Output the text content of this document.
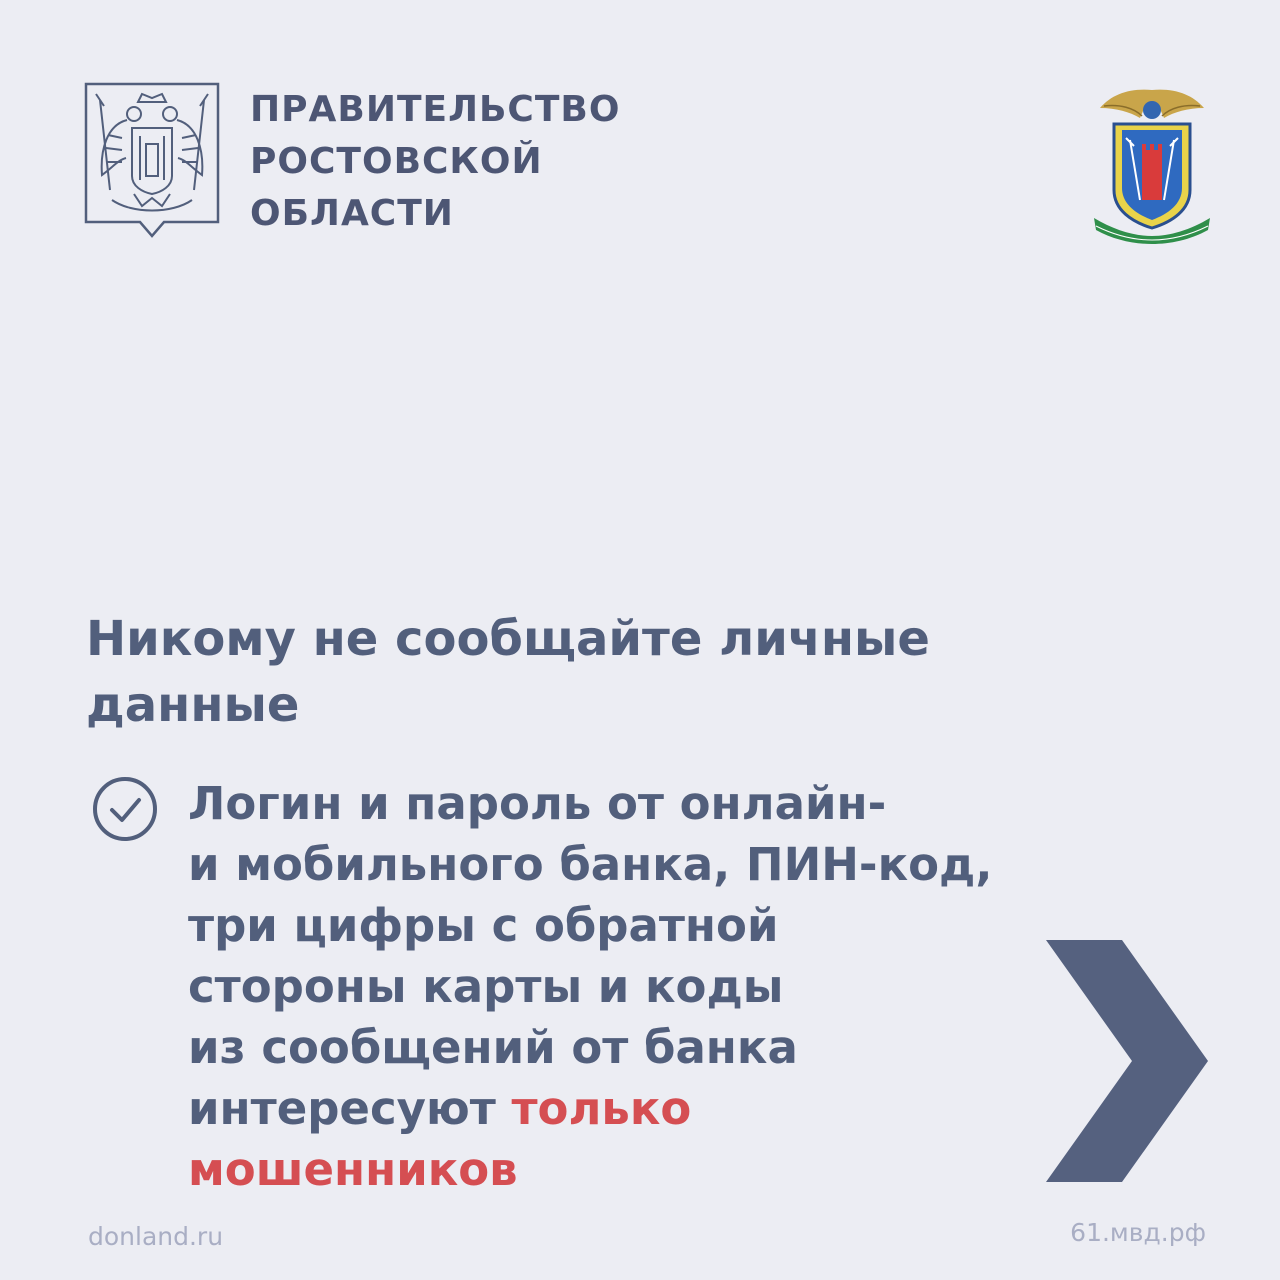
ПРАВИТЕЛЬСТВО
РОСТОВСКОЙ
ОБЛАСТИ
Никому не сообщайте личные данные
Логин и пароль от онлайн-
и мобильного банка, ПИН-код,
три цифры с обратной
стороны карты и коды
из сообщений от банка
интересуют только
мошенников
donland.ru	61.мвд.рф
